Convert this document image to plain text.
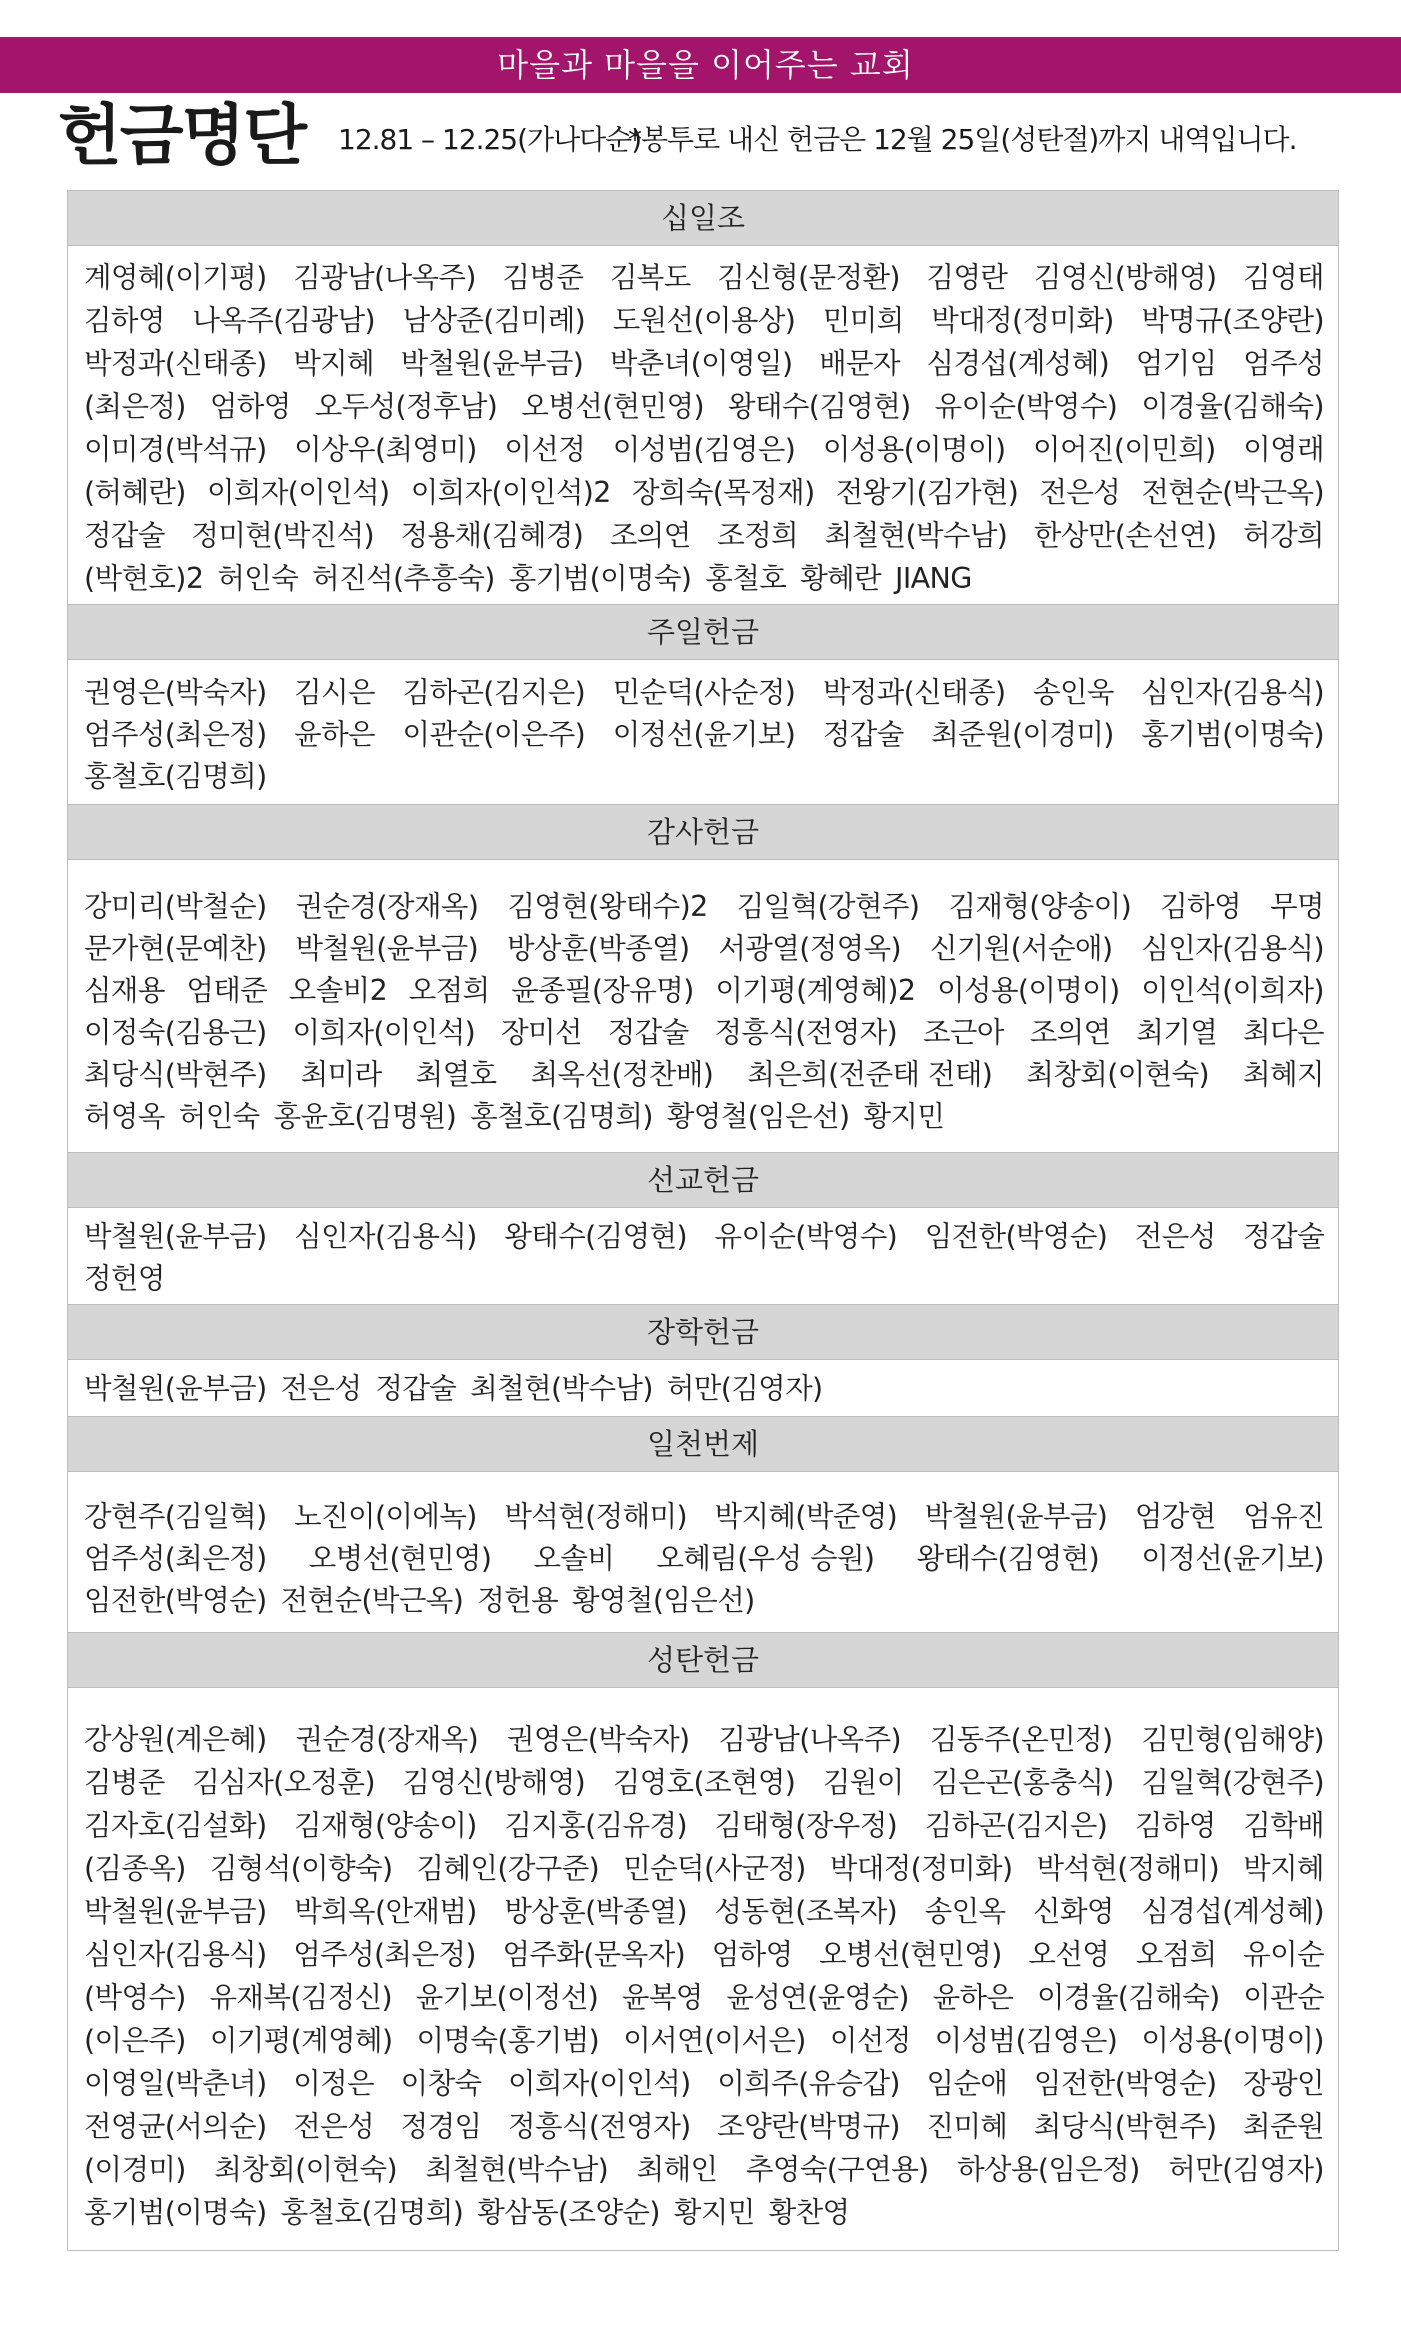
마을과 마을을 이어주는 교회
헌금명단 12.81 – 12.25(가나다순)
*봉투로 내신 헌금은 12월 25일(성탄절)까지 내역입니다.
십일조
계영혜(이기평) 김광남(나옥주) 김병준 김복도 김신형(문정환) 김영란 김영신(방해영) 김영태
김하영 나옥주(김광남) 남상준(김미례) 도원선(이용상) 민미희 박대정(정미화) 박명규(조양란)
박정과(신태종) 박지혜 박철원(윤부금) 박춘녀(이영일) 배문자 심경섭(계성혜) 엄기임 엄주성
(최은정) 엄하영 오두성(정후남) 오병선(현민영) 왕태수(김영현) 유이순(박영수) 이경율(김해숙)
이미경(박석규) 이상우(최영미) 이선정 이성범(김영은) 이성용(이명이) 이어진(이민희) 이영래
(허혜란) 이희자(이인석) 이희자(이인석)2 장희숙(목정재) 전왕기(김가현) 전은성 전현순(박근옥)
정갑술 정미현(박진석) 정용채(김혜경) 조의연 조정희 최철현(박수남) 한상만(손선연) 허강희
(박현호)2 허인숙 허진석(추흥숙) 홍기범(이명숙) 홍철호 황혜란 JIANG
주일헌금
권영은(박숙자) 김시은 김하곤(김지은) 민순덕(사순정) 박정과(신태종) 송인욱 심인자(김용식)
엄주성(최은정) 윤하은 이관순(이은주) 이정선(윤기보) 정갑술 최준원(이경미) 홍기범(이명숙)
홍철호(김명희)
감사헌금
강미리(박철순) 권순경(장재옥) 김영현(왕태수)2 김일혁(강현주) 김재형(양송이) 김하영 무명
문가현(문예찬) 박철원(윤부금) 방상훈(박종열) 서광열(정영옥) 신기원(서순애) 심인자(김용식)
심재용 엄태준 오솔비2 오점희 윤종필(장유명) 이기평(계영혜)2 이성용(이명이) 이인석(이희자)
이정숙(김용근) 이희자(이인석) 장미선 정갑술 정흥식(전영자) 조근아 조의연 최기열 최다은
최당식(박현주) 최미라 최열호 최옥선(정찬배) 최은희(전준태 전태) 최창회(이현숙) 최혜지
허영옥 허인숙 홍윤호(김명원) 홍철호(김명희) 황영철(임은선) 황지민
선교헌금
박철원(윤부금) 심인자(김용식) 왕태수(김영현) 유이순(박영수) 임전한(박영순) 전은성 정갑술
정헌영
장학헌금
박철원(윤부금) 전은성 정갑술 최철현(박수남) 허만(김영자)
일천번제
강현주(김일혁) 노진이(이에녹) 박석현(정해미) 박지혜(박준영) 박철원(윤부금) 엄강현 엄유진
엄주성(최은정) 오병선(현민영) 오솔비 오혜림(우성 승원) 왕태수(김영현) 이정선(윤기보)
임전한(박영순) 전현순(박근옥) 정헌용 황영철(임은선)
성탄헌금
강상원(계은혜) 권순경(장재옥) 권영은(박숙자) 김광남(나옥주) 김동주(온민정) 김민형(임해양)
김병준 김심자(오정훈) 김영신(방해영) 김영호(조현영) 김원이 김은곤(홍충식) 김일혁(강현주)
김자호(김설화) 김재형(양송이) 김지홍(김유경) 김태형(장우정) 김하곤(김지은) 김하영 김학배
(김종옥) 김형석(이향숙) 김혜인(강구준) 민순덕(사군정) 박대정(정미화) 박석현(정해미) 박지혜
박철원(윤부금) 박희옥(안재범) 방상훈(박종열) 성동현(조복자) 송인옥 신화영 심경섭(계성혜)
심인자(김용식) 엄주성(최은정) 엄주화(문옥자) 엄하영 오병선(현민영) 오선영 오점희 유이순
(박영수) 유재복(김정신) 윤기보(이정선) 윤복영 윤성연(윤영순) 윤하은 이경율(김해숙) 이관순
(이은주) 이기평(계영혜) 이명숙(홍기범) 이서연(이서은) 이선정 이성범(김영은) 이성용(이명이)
이영일(박춘녀) 이정은 이창숙 이희자(이인석) 이희주(유승갑) 임순애 임전한(박영순) 장광인
전영균(서의순) 전은성 정경임 정흥식(전영자) 조양란(박명규) 진미혜 최당식(박현주) 최준원
(이경미) 최창회(이현숙) 최철현(박수남) 최해인 추영숙(구연용) 하상용(임은정) 허만(김영자)
홍기범(이명숙) 홍철호(김명희) 황삼동(조양순) 황지민 황찬영
